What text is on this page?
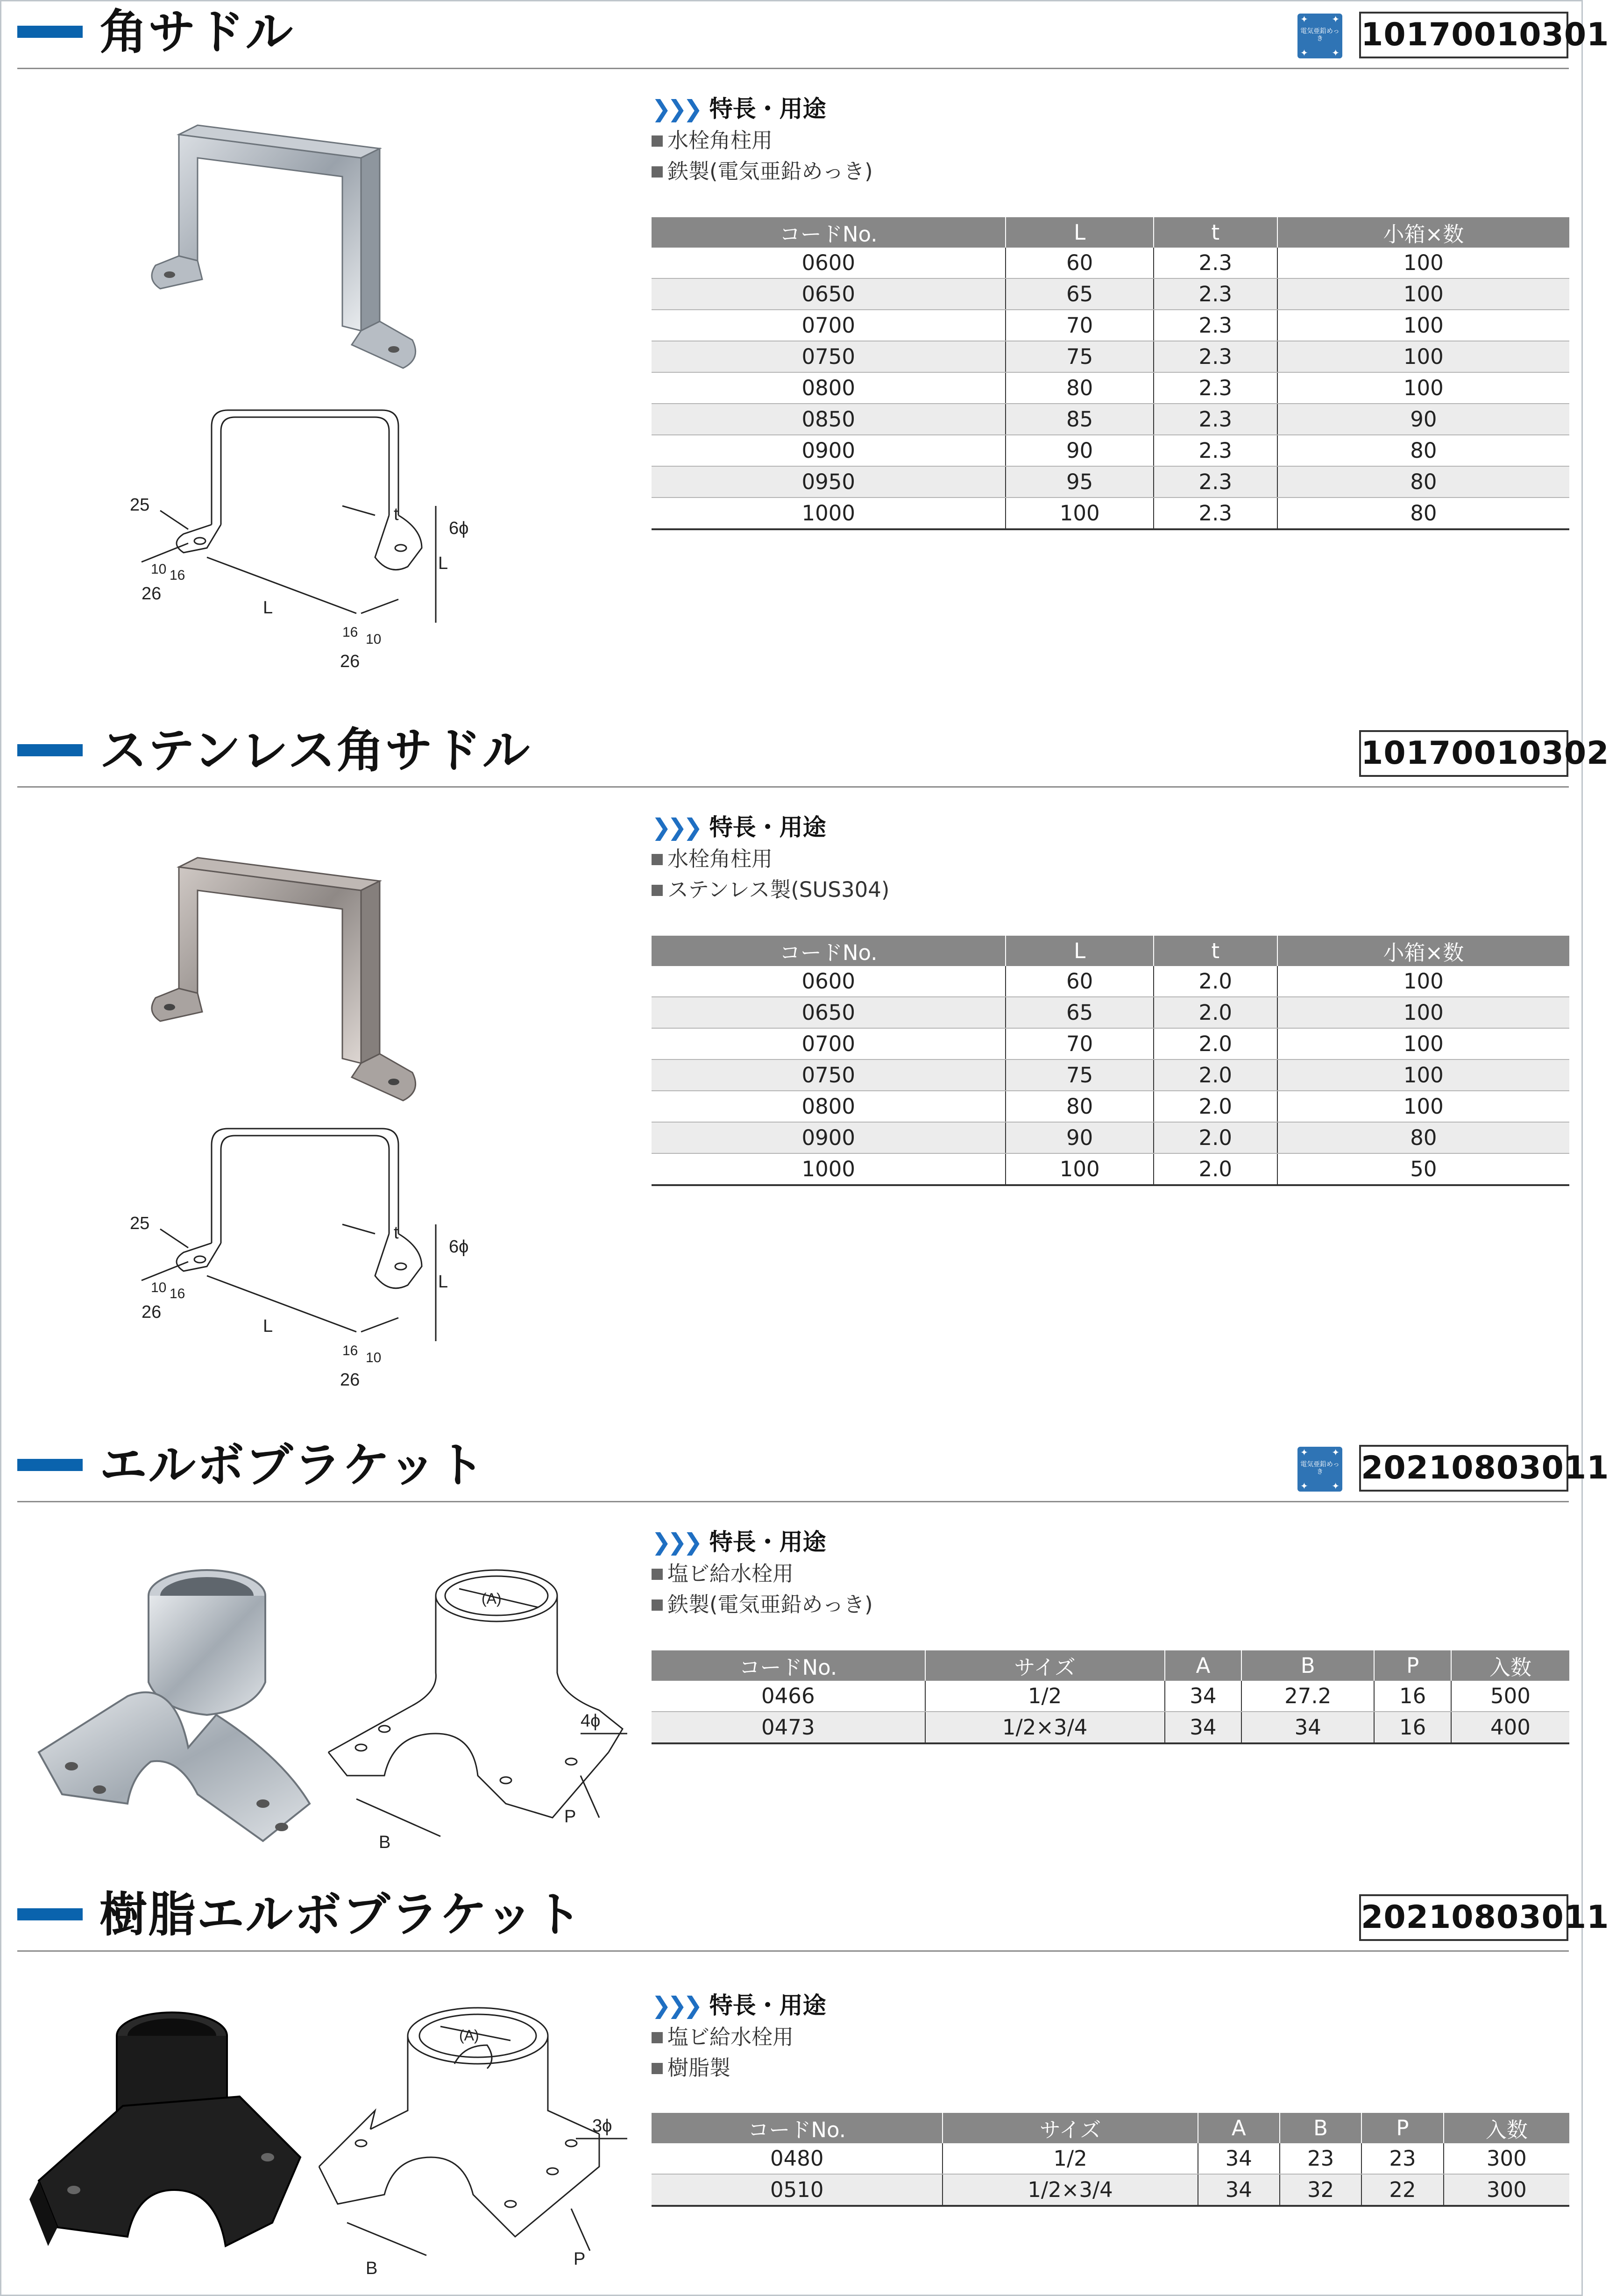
角サドル	✦	✦
✦	✦
電気亜鉛めっき	10170010301
25
10 16
26
L
t
6ϕ
L
16 10
26
❯❯❯ 特長・用途
水栓角柱用
鉄製(電気亜鉛めっき)
コードNo.	L	t	小箱×数
0600	60	2.3	100
0650	65	2.3	100
0700	70	2.3	100
0750	75	2.3	100
0800	80	2.3	100
0850	85	2.3	90
0900	90	2.3	80
0950	95	2.3	80
1000	100	2.3	80
ステンレス角サドル	10170010302
25
10 16
26
L
t
6ϕ
L
16 10
26
❯❯❯ 特長・用途
水栓角柱用
ステンレス製(SUS304)
コードNo.	L	t	小箱×数
0600	60	2.0	100
0650	65	2.0	100
0700	70	2.0	100
0750	75	2.0	100
0800	80	2.0	100
0900	90	2.0	80
1000	100	2.0	50
エルボブラケット	✦	✦
✦	✦
電気亜鉛めっき	20210803011
(A)
4ϕ
B
P
❯❯❯ 特長・用途
塩ビ給水栓用
鉄製(電気亜鉛めっき)
コードNo.	サイズ	A	B	P	入数
0466	1/2	34	27.2	16	500
0473	1/2×3/4	34	34	16	400
樹脂エルボブラケット	20210803011
(A)
3ϕ
B	P
❯❯❯ 特長・用途
塩ビ給水栓用
樹脂製
コードNo.	サイズ	A	B	P	入数
0480	1/2	34	23	23	300
0510	1/2×3/4	34	32	22	300
